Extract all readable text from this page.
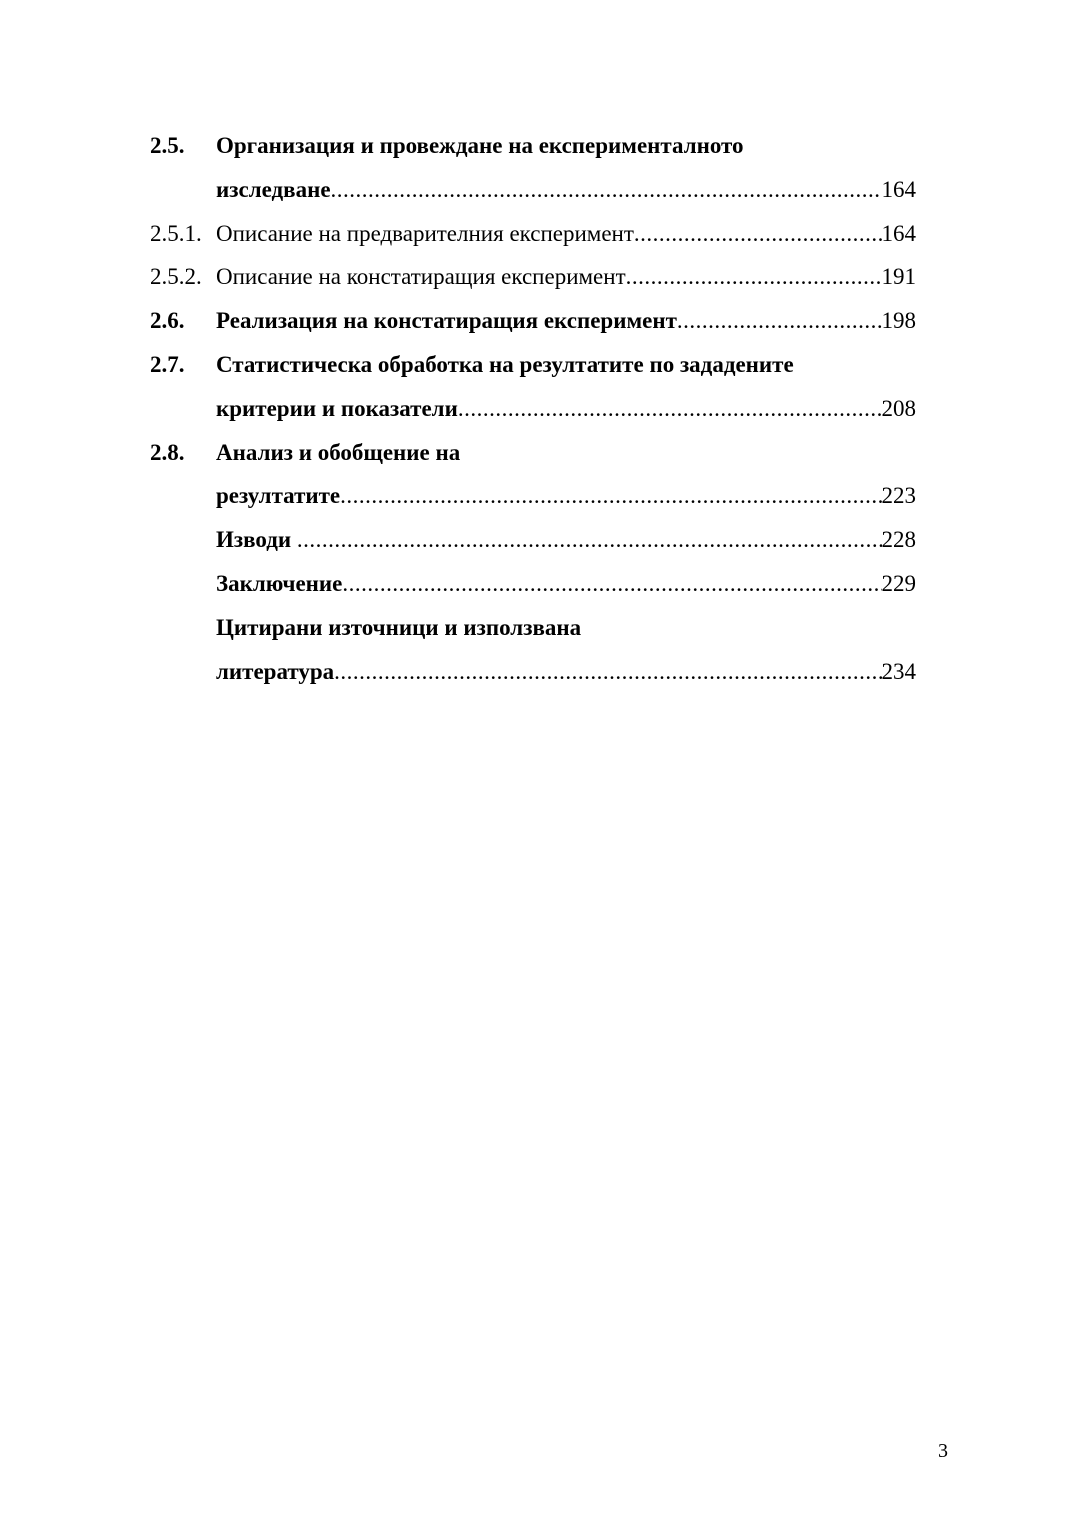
2.5. Организация и провеждане на експерименталното
изследване .....	164
2.5.1. Описание на предварителния експеримент .....	164
2.5.2. Описание на констатиращия експеримент .....	191
2.6. Реализация на констатиращия експеримент .....	198
2.7. Статистическа обработка на резултатите по зададените
критерии и показатели .....	208
2.8. Анализ и обобщение на
резултатите .....	223
Изводи .....	228
Заключение .....	229
Цитирани източници и използвана
литература .....	234
3
